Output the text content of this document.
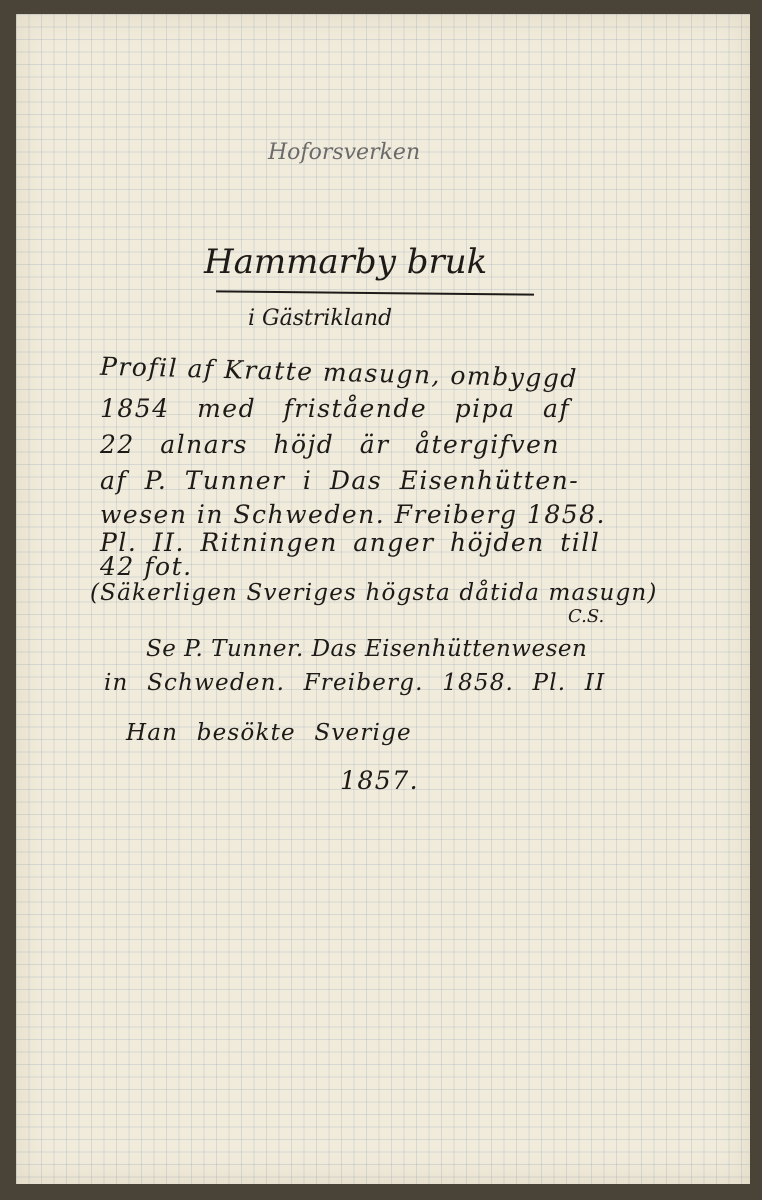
Hoforsverken
Hammarby bruk
i Gästrikland
Profil af Kratte masugn, ombyggd
1854 med fristående pipa af
22 alnars höjd är återgifven
af P. Tunner i Das Eisenhütten-
wesen in Schweden. Freiberg 1858.
Pl. II. Ritningen anger höjden till
42 fot.
(Säkerligen Sveriges högsta dåtida masugn)
C.S.
Se P. Tunner. Das Eisenhüttenwesen
in Schweden. Freiberg. 1858. Pl. II
Han besökte Sverige
1857.
